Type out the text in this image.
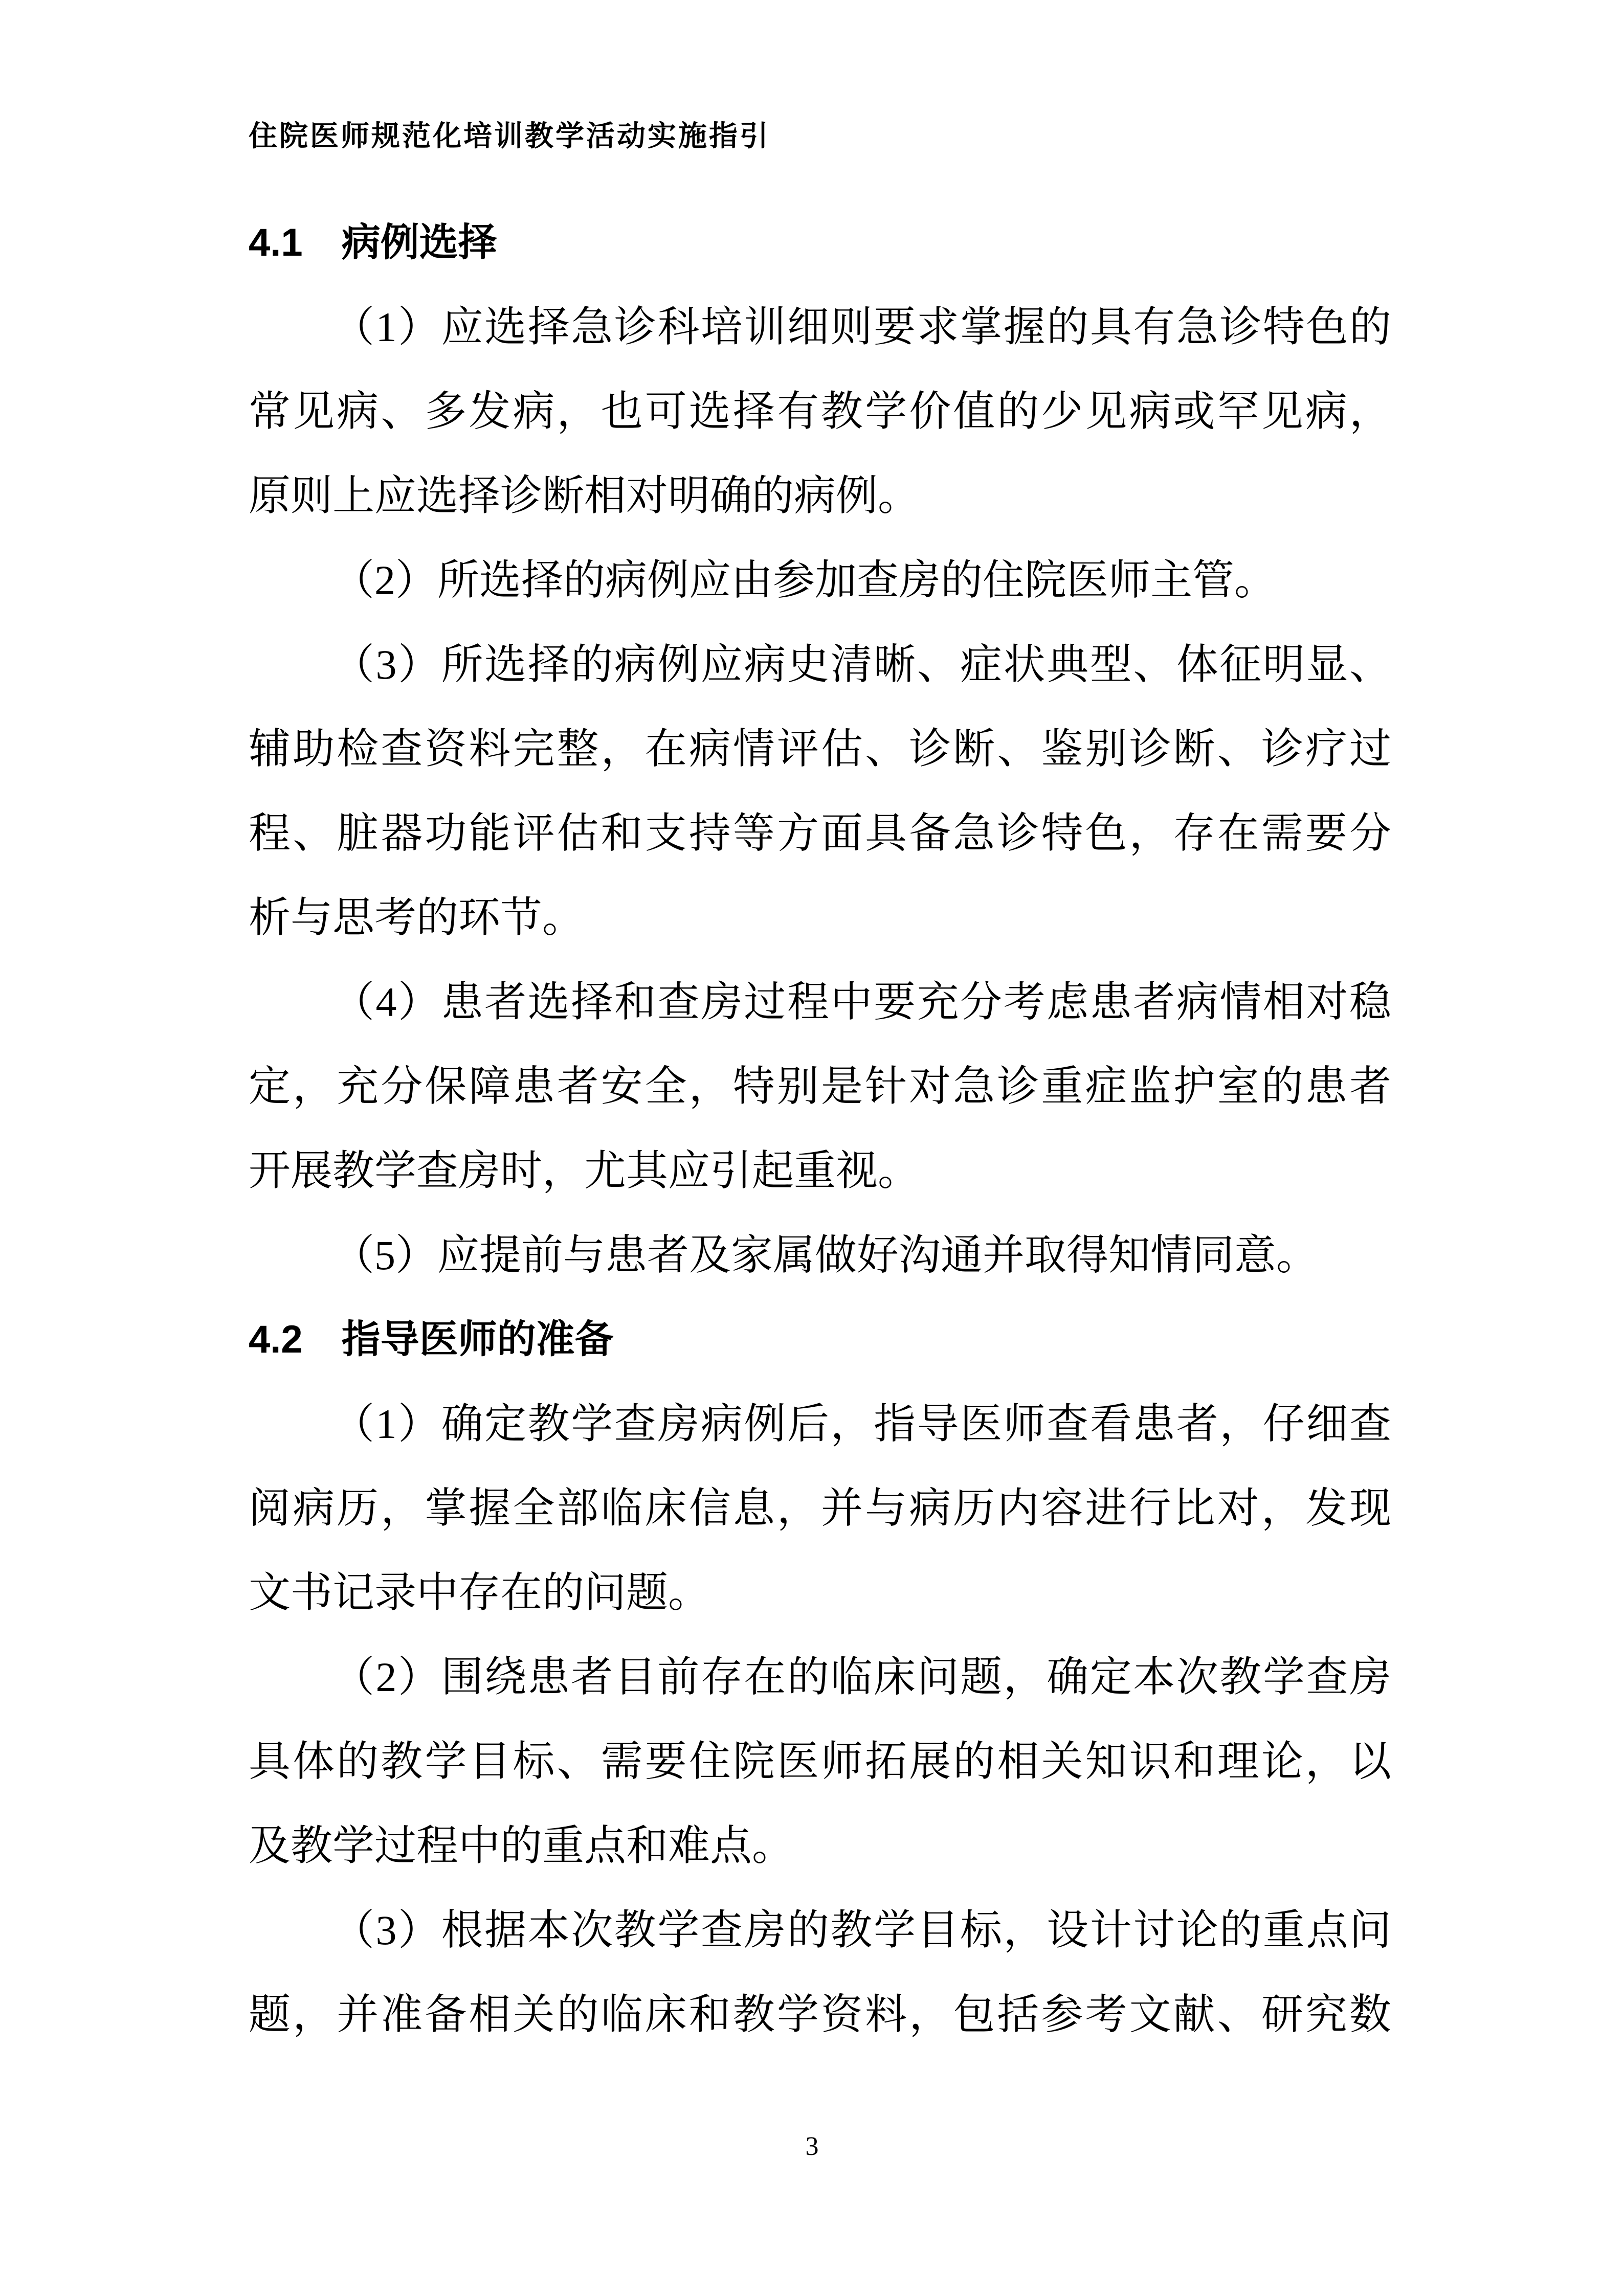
住院医师规范化培训教学活动实施指引
4.1　病例选择
（1）应选择急诊科培训细则要求掌握的具有急诊特色的
常见病、多发病，也可选择有教学价值的少见病或罕见病，
原则上应选择诊断相对明确的病例。
（2）所选择的病例应由参加查房的住院医师主管。
（3）所选择的病例应病史清晰、症状典型、体征明显、
辅助检查资料完整，在病情评估、诊断、鉴别诊断、诊疗过
程、脏器功能评估和支持等方面具备急诊特色，存在需要分
析与思考的环节。
（4）患者选择和查房过程中要充分考虑患者病情相对稳
定，充分保障患者安全，特别是针对急诊重症监护室的患者
开展教学查房时，尤其应引起重视。
（5）应提前与患者及家属做好沟通并取得知情同意。
4.2　指导医师的准备
（1）确定教学查房病例后，指导医师查看患者，仔细查
阅病历，掌握全部临床信息，并与病历内容进行比对，发现
文书记录中存在的问题。
（2）围绕患者目前存在的临床问题，确定本次教学查房
具体的教学目标、需要住院医师拓展的相关知识和理论，以
及教学过程中的重点和难点。
（3）根据本次教学查房的教学目标，设计讨论的重点问
题，并准备相关的临床和教学资料，包括参考文献、研究数
3
